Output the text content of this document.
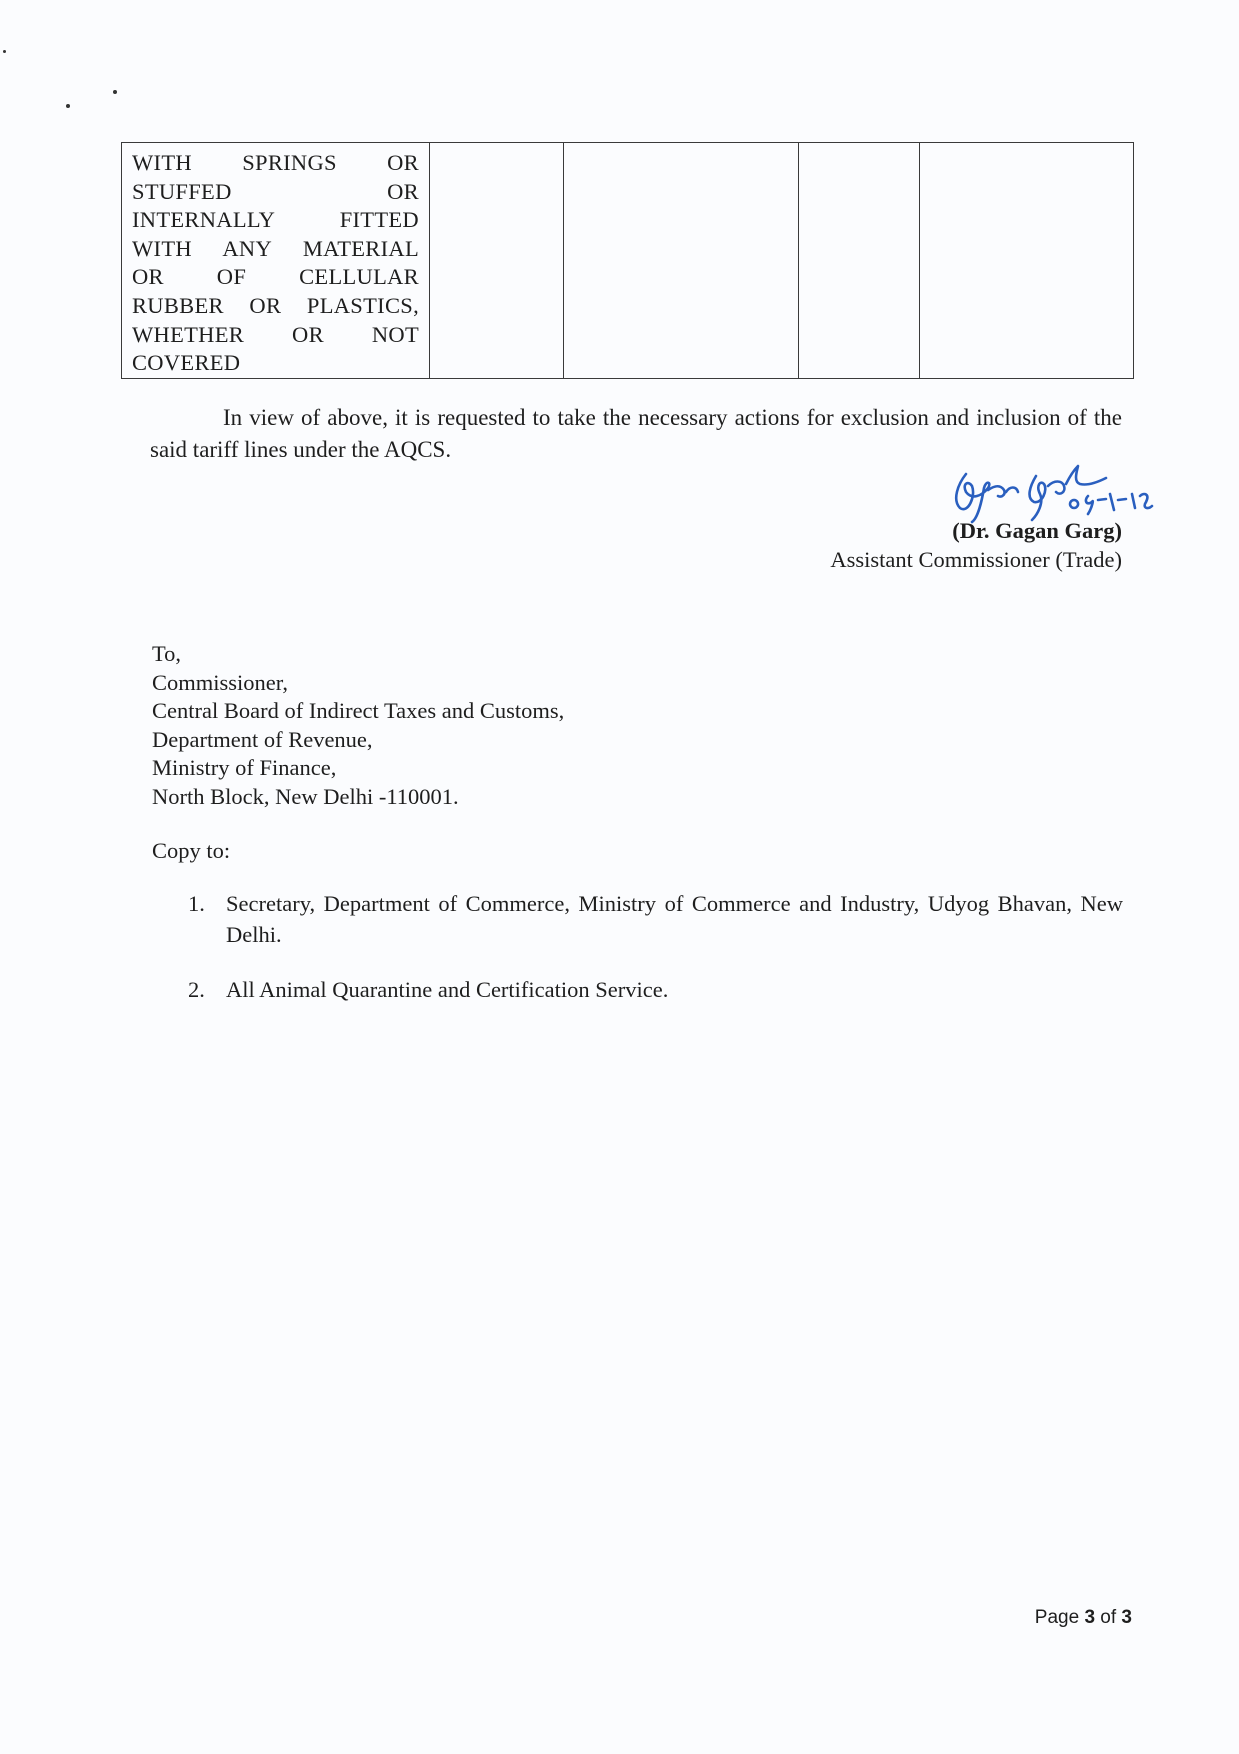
WITH SPRINGS OR
STUFFED OR
INTERNALLY FITTED
WITH ANY MATERIAL
OR OF CELLULAR
RUBBER OR PLASTICS,
WHETHER OR NOT
COVERED

In view of above, it is requested to take the necessary actions for exclusion and inclusion of the said tariff lines under the AQCS.
(Dr. Gagan Garg)
Assistant Commissioner (Trade)
To,
Commissioner,
Central Board of Indirect Taxes and Customs,
Department of Revenue,
Ministry of Finance,
North Block, New Delhi -110001.
Copy to:
1. Secretary, Department of Commerce, Ministry of Commerce and Industry, Udyog Bhavan, New Delhi.
2. All Animal Quarantine and Certification Service.
Page 3 of 3
